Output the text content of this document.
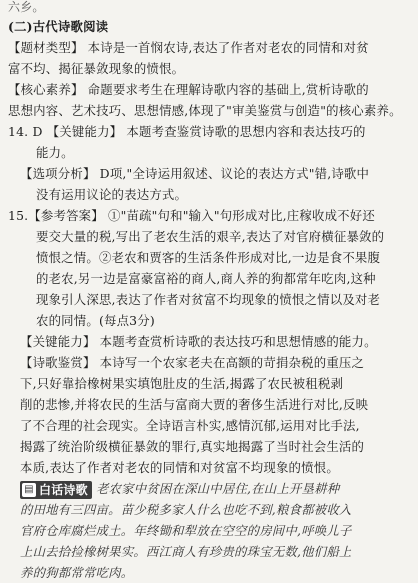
六乡。
(二)古代诗歌阅读
【题材类型】 本诗是一首悯农诗,表达了作者对老农的同情和对贫
富不均、揭征暴敛现象的愤恨。
【核心素养】 命题要求考生在理解诗歌内容的基础上,赏析诗歌的
思想内容、艺术技巧、思想情感,体现了"审美鉴赏与创造"的核心素养。
14. D 【关键能力】 本题考查鉴赏诗歌的思想内容和表达技巧的
能力。
【选项分析】 D项,"全诗运用叙述、议论的表达方式"错,诗歌中
没有运用议论的表达方式。
15.【参考答案】 ①"苗疏"句和"输入"句形成对比,庄稼收成不好还
要交大量的税,写出了老农生活的艰辛,表达了对官府横征暴敛的
愤恨之情。②老农和贾客的生活条件形成对比,一边是食不果腹
的老农,另一边是富豪富裕的商人,商人养的狗都常年吃肉,这种
现象引人深思,表达了作者对贫富不均现象的愤恨之情以及对老
农的同情。(每点3分)
【关键能力】 本题考查赏析诗歌的表达技巧和思想情感的能力。
【诗歌鉴赏】 本诗写一个农家老夫在高额的苛捐杂税的重压之
下,只好靠拾橡树果实填饱肚皮的生活,揭露了农民被租税剥
削的悲惨,并将农民的生活与富商大贾的奢侈生活进行对比,反映
了不合理的社会现实。全诗语言朴实,感情沉郁,运用对比手法,
揭露了统治阶级横征暴敛的罪行,真实地揭露了当时社会生活的
本质,表达了作者对老农的同情和对贫富不均现象的愤恨。
▤ 白话诗歌 老农家中贫困在深山中居住,在山上开垦耕种
的田地有三四亩。苗少税多家人什么也吃不到,粮食都被收入
官府仓库腐烂成土。年终锄和犁放在空空的房间中,呼唤儿子
上山去拾捡橡树果实。西江商人有珍贵的珠宝无数,他们船上
养的狗都常常吃肉。
